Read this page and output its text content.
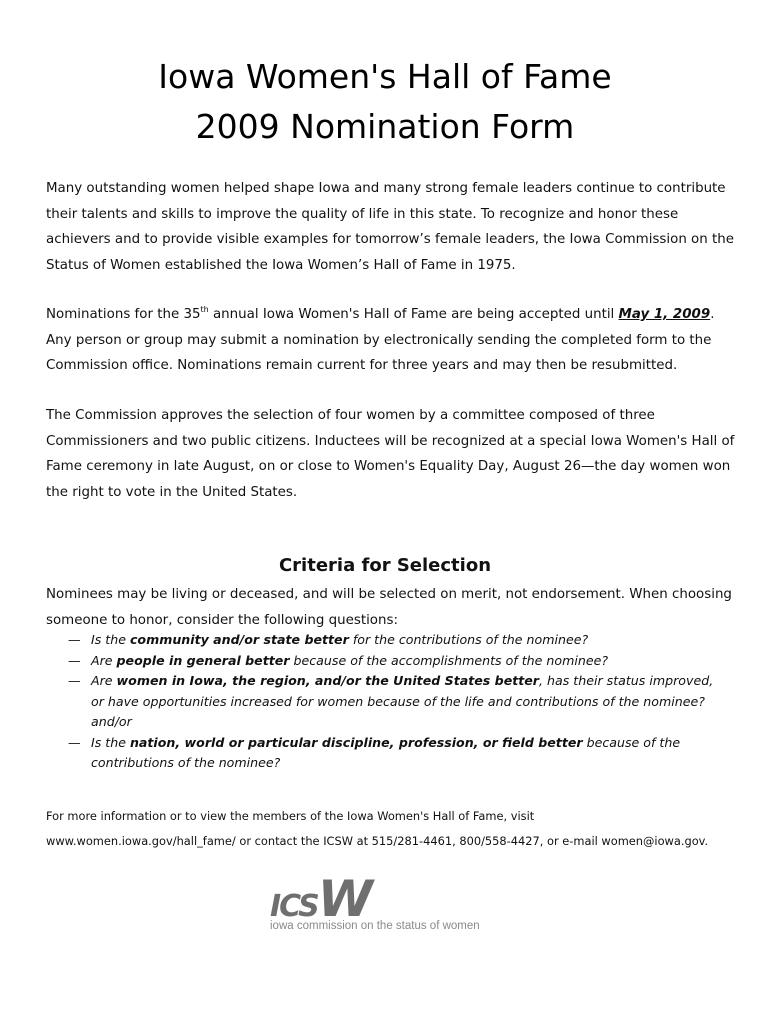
Iowa Women's Hall of Fame
2009 Nomination Form

Many outstanding women helped shape Iowa and many strong female leaders continue to contribute their talents and skills to improve the quality of life in this state. To recognize and honor these achievers and to provide visible examples for tomorrow’s female leaders, the Iowa Commission on the Status of Women established the Iowa Women’s Hall of Fame in 1975.

Nominations for the 35th annual Iowa Women's Hall of Fame are being accepted until May 1, 2009. Any person or group may submit a nomination by electronically sending the completed form to the Commission office. Nominations remain current for three years and may then be resubmitted.

The Commission approves the selection of four women by a committee composed of three Commissioners and two public citizens. Inductees will be recognized at a special Iowa Women's Hall of Fame ceremony in late August, on or close to Women's Equality Day, August 26—the day women won the right to vote in the United States.

Criteria for Selection

Nominees may be living or deceased, and will be selected on merit, not endorsement. When choosing someone to honor, consider the following questions:

— Is the community and/or state better for the contributions of the nominee?
— Are people in general better because of the accomplishments of the nominee?
— Are women in Iowa, the region, and/or the United States better, has their status improved, or have opportunities increased for women because of the life and contributions of the nominee? and/or
— Is the nation, world or particular discipline, profession, or field better because of the contributions of the nominee?

For more information or to view the members of the Iowa Women's Hall of Fame, visit

www.women.iowa.gov/hall_fame/ or contact the ICSW at 515/281-4461, 800/558-4427, or e-mail women@iowa.gov.

ICSW
iowa commission on the status of women
